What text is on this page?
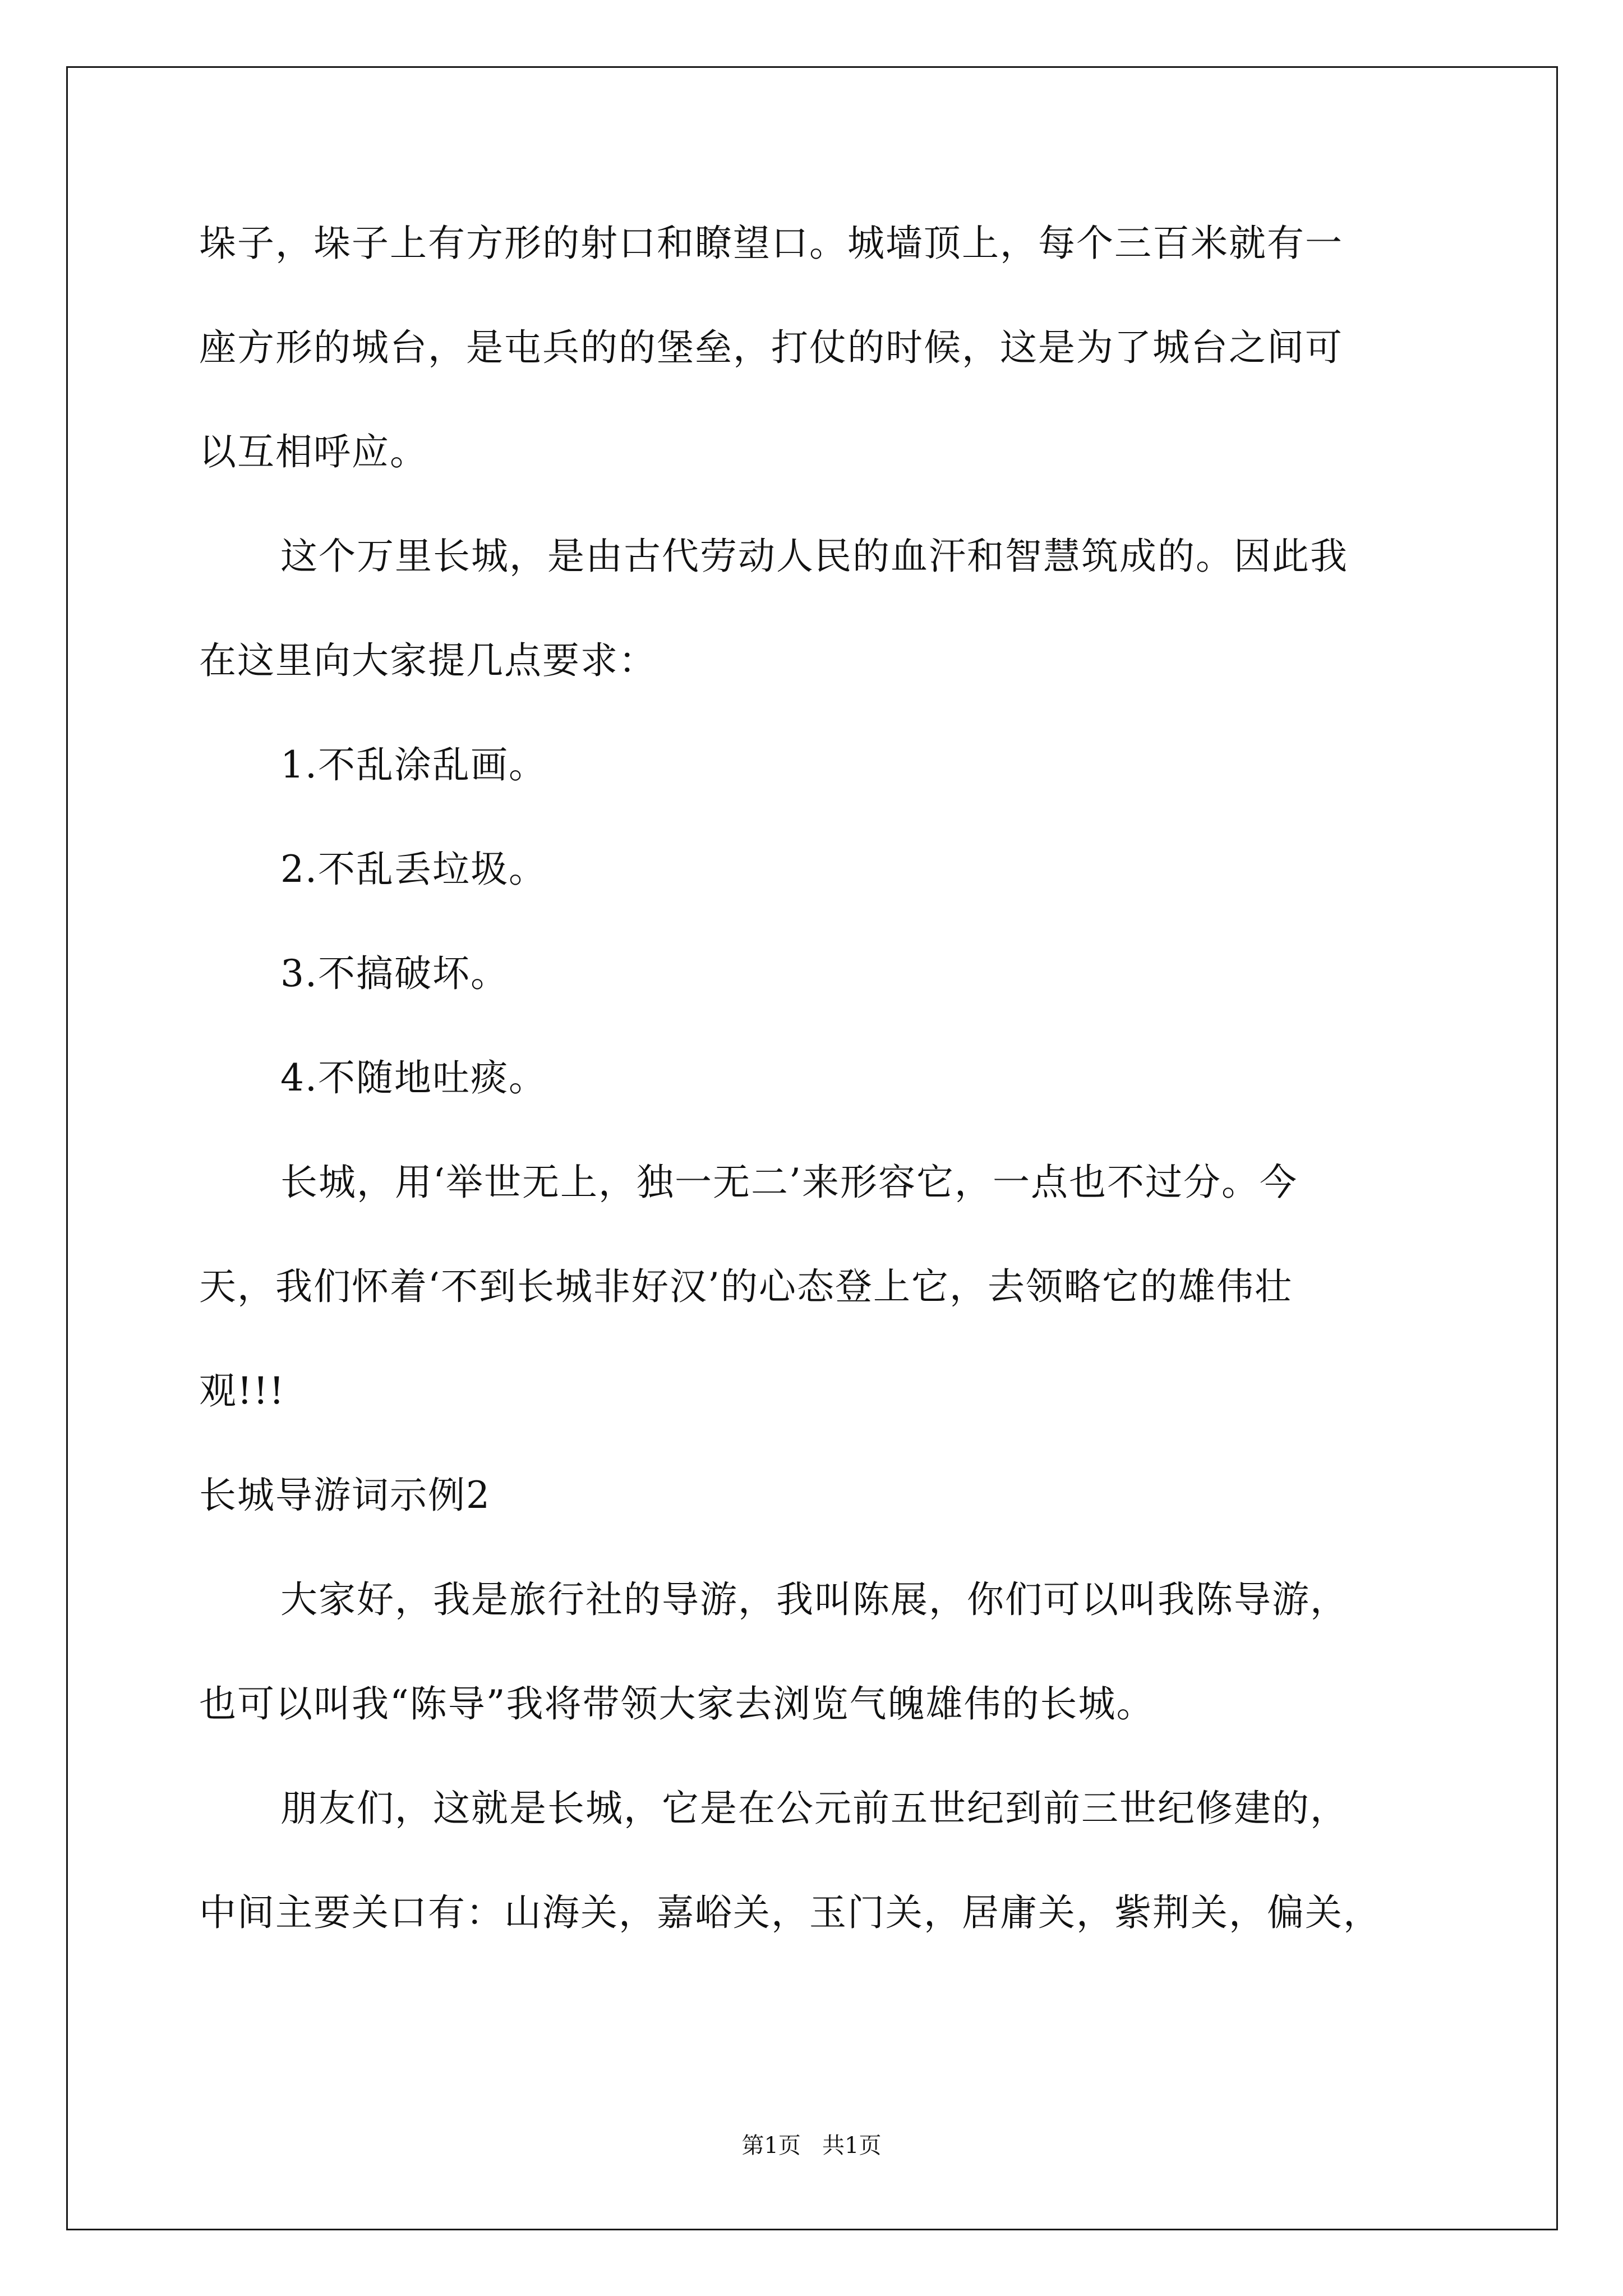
垛子，垛子上有方形的射口和瞭望口。城墙顶上，每个三百米就有一
座方形的城台，是屯兵的的堡垒，打仗的时候，这是为了城台之间可
以互相呼应。
这个万里长城，是由古代劳动人民的血汗和智慧筑成的。因此我
在这里向大家提几点要求：
1.不乱涂乱画。
2.不乱丢垃圾。
3.不搞破坏。
4.不随地吐痰。
长城，用‘举世无上，独一无二’来形容它，一点也不过分。今
天，我们怀着‘不到长城非好汉’的心态登上它，去领略它的雄伟壮
观!!!
长城导游词示例2
大家好，我是旅行社的导游，我叫陈展，你们可以叫我陈导游，
也可以叫我“陈导”我将带领大家去浏览气魄雄伟的长城。
朋友们，这就是长城，它是在公元前五世纪到前三世纪修建的，
中间主要关口有：山海关，嘉峪关，玉门关，居庸关，紫荆关，偏关，
第1页   共1页
